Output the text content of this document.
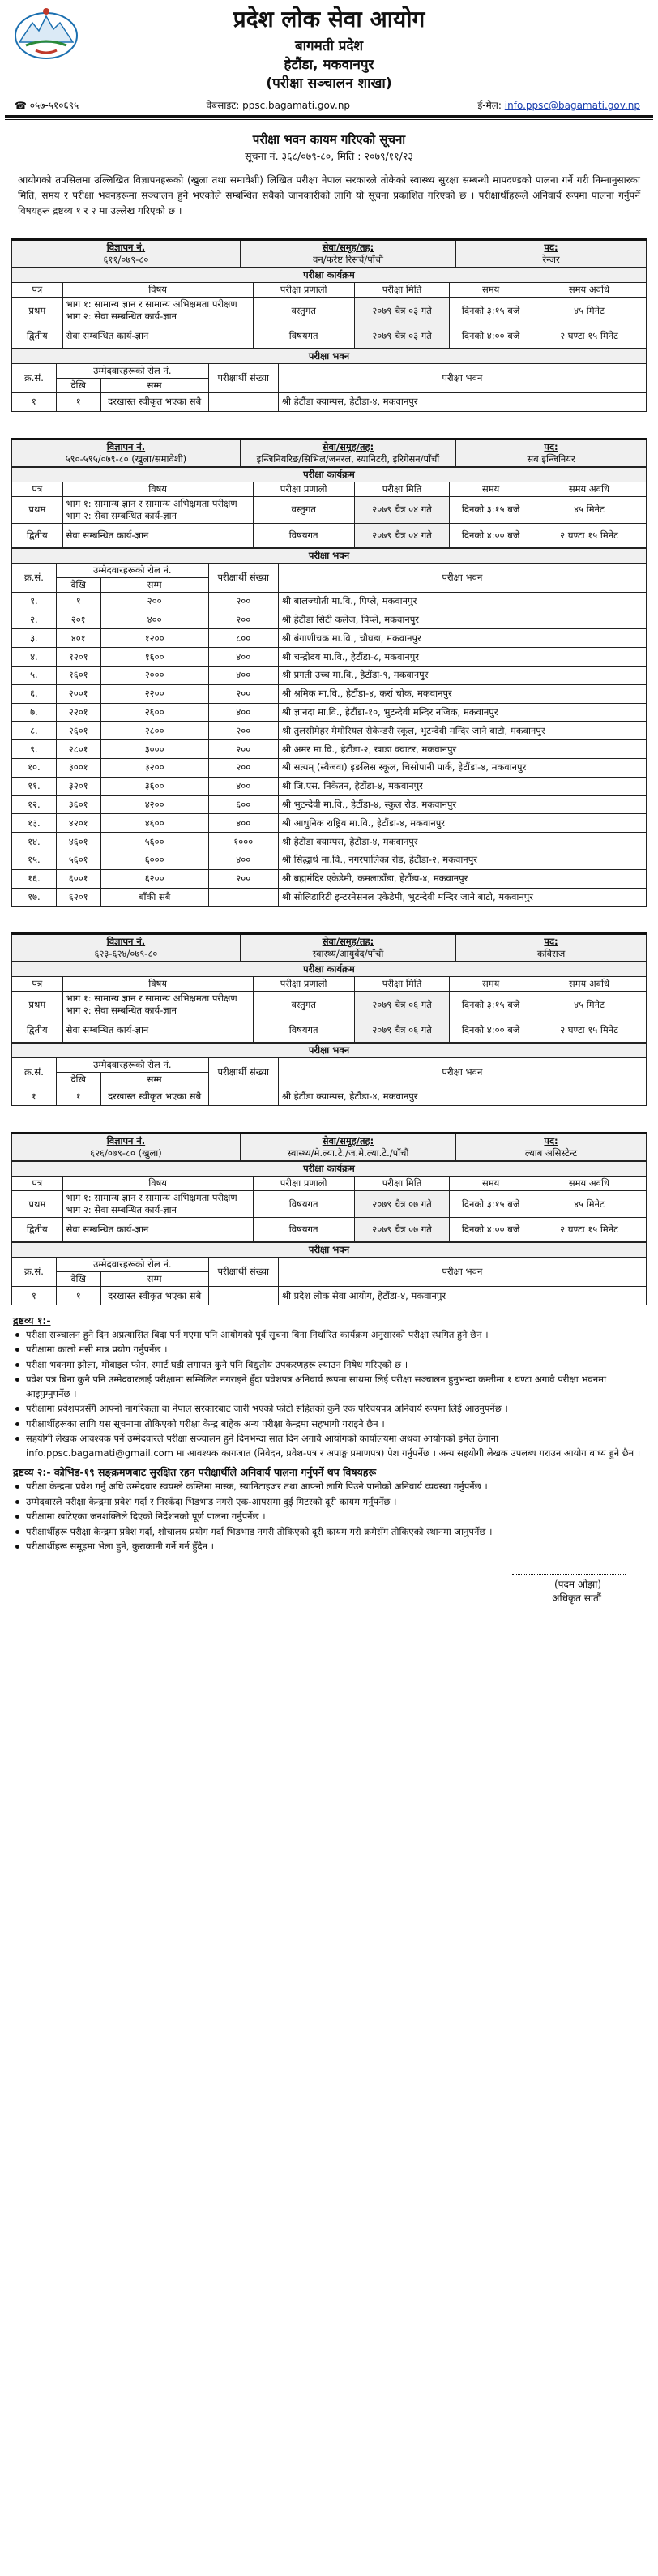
प्रदेश लोक सेवा आयोग
बागमती प्रदेश
हेटौंडा, मकवानपुर
(परीक्षा सञ्चालन शाखा)
☎ ०५७-५१०६९५	वेबसाइट: ppsc.bagamati.gov.np	ई-मेल: info.ppsc@bagamati.gov.np
परीक्षा भवन कायम गरिएको सूचना
सूचना नं. ३६८/०७९-८०, मिति : २०७९/११/२३
आयोगको तपसिलमा उल्लिखित विज्ञापनहरूको (खुला तथा समावेशी) लिखित परीक्षा नेपाल सरकारले तोकेको स्वास्थ्य सुरक्षा सम्बन्धी मापदण्डको पालना गर्ने गरी निम्नानुसारका मिति, समय र परीक्षा भवनहरूमा सञ्चालन हुने भएकोले सम्बन्धित सबैको जानकारीको लागि यो सूचना प्रकाशित गरिएको छ । परीक्षार्थीहरूले अनिवार्य रूपमा पालना गर्नुपर्ने विषयहरू द्रष्टव्य १ र २ मा उल्लेख गरिएको छ ।
विज्ञापन नं.
६११/०७९-८०

सेवा/समूह/तह:
वन/फरेष्ट रिसर्च/पाँचौं

पद:
रेन्जर
परीक्षा कार्यक्रम					
पत्र	विषय	परीक्षा प्रणाली	परीक्षा मिति	समय	समय अवधि
प्रथम	भाग १: सामान्य ज्ञान र सामान्य अभिक्षमता परीक्षण
भाग २: सेवा सम्बन्धित कार्य-ज्ञान	वस्तुगत	२०७९ चैत्र ०३ गते	दिनको ३:१५ बजे	४५ मिनेट
द्वितीय	सेवा सम्बन्धित कार्य-ज्ञान	विषयगत	२०७९ चैत्र ०३ गते	दिनको ४:०० बजे	२ घण्टा १५ मिनेट
परीक्षा भवन				
क्र.सं.	उम्मेदवारहरूको रोल नं.		परीक्षार्थी संख्या	परीक्षा भवन
	देखि	सम्म		
१	१	दरखास्त स्वीकृत भएका सबै		श्री हेटौंडा क्याम्पस, हेटौंडा-४, मकवानपुर
विज्ञापन नं.
५९०-५९५/०७९-८० (खुला/समावेशी)

सेवा/समूह/तह:
इन्जिनियरिङ/सिभिल/जनरल, स्यानिटरी, इरिगेसन/पाँचौं

पद:
सब इन्जिनियर
परीक्षा कार्यक्रम					
पत्र	विषय	परीक्षा प्रणाली	परीक्षा मिति	समय	समय अवधि
प्रथम	भाग १: सामान्य ज्ञान र सामान्य अभिक्षमता परीक्षण
भाग २: सेवा सम्बन्धित कार्य-ज्ञान	वस्तुगत	२०७९ चैत्र ०४ गते	दिनको ३:१५ बजे	४५ मिनेट
द्वितीय	सेवा सम्बन्धित कार्य-ज्ञान	विषयगत	२०७९ चैत्र ०४ गते	दिनको ४:०० बजे	२ घण्टा १५ मिनेट
परीक्षा भवन				
क्र.सं.	उम्मेदवारहरूको रोल नं.		परीक्षार्थी संख्या	परीक्षा भवन
	देखि	सम्म		
१.	१	२००	२००	श्री बालज्योती मा.वि., पिप्ले, मकवानपुर
२.	२०१	४००	२००	श्री हेटौंडा सिटी कलेज, पिप्ले, मकवानपुर
३.	४०१	१२००	८००	श्री बंगाणीचक मा.वि., चौघडा, मकवानपुर
४.	१२०१	१६००	४००	श्री चन्द्रोदय मा.वि., हेटौंडा-८, मकवानपुर
५.	१६०१	२०००	४००	श्री प्रगती उच्च मा.वि., हेटौंडा-९, मकवानपुर
६.	२००१	२२००	२००	श्री श्रमिक मा.वि., हेटौंडा-४, कर्रा चोक, मकवानपुर
७.	२२०१	२६००	४००	श्री ज्ञानदा मा.वि., हेटौंडा-१०, भुटन्देवी मन्दिर नजिक, मकवानपुर
८.	२६०१	२८००	२००	श्री तुलसीमेहर मेमोरियल सेकेन्डरी स्कूल, भुटन्देवी मन्दिर जाने बाटो, मकवानपुर
९.	२८०१	३०००	२००	श्री अमर मा.वि., हेटौंडा-२, खाडा क्वाटर, मकवानपुर
१०.	३००१	३२००	२००	श्री सत्यम् (स्वैजवा) इङलिस स्कूल, चिसोपानी पार्क, हेटौंडा-४, मकवानपुर
११.	३२०१	३६००	४००	श्री जि.एस. निकेतन, हेटौंडा-४, मकवानपुर
१२.	३६०१	४२००	६००	श्री भुटन्देवी मा.वि., हेटौंडा-४, स्कुल रोड, मकवानपुर
१३.	४२०१	४६००	४००	श्री आधुनिक राष्ट्रिय मा.वि., हेटौंडा-४, मकवानपुर
१४.	४६०१	५६००	१०००	श्री हेटौंडा क्याम्पस, हेटौंडा-४, मकवानपुर
१५.	५६०१	६०००	४००	श्री सिद्धार्थ मा.वि., नगरपालिका रोड, हेटौंडा-२, मकवानपुर
१६.	६००१	६२००	२००	श्री ब्रह्ममंदिर एकेडेमी, कमलाडाँडा, हेटौंडा-४, मकवानपुर
१७.	६२०१	बाँकी सबै		श्री सोलिडारिटी इन्टरनेसनल एकेडेमी, भुटन्देवी मन्दिर जाने बाटो, मकवानपुर
विज्ञापन नं.
६२३-६२४/०७९-८०

सेवा/समूह/तह:
स्वास्थ्य/आयुर्वेद/पाँचौं

पद:
कविराज
परीक्षा कार्यक्रम					
पत्र	विषय	परीक्षा प्रणाली	परीक्षा मिति	समय	समय अवधि
प्रथम	भाग १: सामान्य ज्ञान र सामान्य अभिक्षमता परीक्षण
भाग २: सेवा सम्बन्धित कार्य-ज्ञान	वस्तुगत	२०७९ चैत्र ०६ गते	दिनको ३:१५ बजे	४५ मिनेट
द्वितीय	सेवा सम्बन्धित कार्य-ज्ञान	विषयगत	२०७९ चैत्र ०६ गते	दिनको ४:०० बजे	२ घण्टा १५ मिनेट
परीक्षा भवन				
क्र.सं.	उम्मेदवारहरूको रोल नं.		परीक्षार्थी संख्या	परीक्षा भवन
	देखि	सम्म		
१	१	दरखास्त स्वीकृत भएका सबै		श्री हेटौंडा क्याम्पस, हेटौंडा-४, मकवानपुर
विज्ञापन नं.
६२६/०७९-८० (खुला)

सेवा/समूह/तह:
स्वास्थ्य/मे.ल्या.टे./ज.मे.ल्या.टे./पाँचौं

पद:
ल्याब असिस्टेन्ट
परीक्षा कार्यक्रम					
पत्र	विषय	परीक्षा प्रणाली	परीक्षा मिति	समय	समय अवधि
प्रथम	भाग १: सामान्य ज्ञान र सामान्य अभिक्षमता परीक्षण
भाग २: सेवा सम्बन्धित कार्य-ज्ञान	विषयगत	२०७९ चैत्र ०७ गते	दिनको ३:१५ बजे	४५ मिनेट
द्वितीय	सेवा सम्बन्धित कार्य-ज्ञान	विषयगत	२०७९ चैत्र ०७ गते	दिनको ४:०० बजे	२ घण्टा १५ मिनेट
परीक्षा भवन				
क्र.सं.	उम्मेदवारहरूको रोल नं.		परीक्षार्थी संख्या	परीक्षा भवन
	देखि	सम्म		
१	१	दरखास्त स्वीकृत भएका सबै		श्री प्रदेश लोक सेवा आयोग, हेटौंडा-४, मकवानपुर
द्रष्टव्य १:-
परीक्षा सञ्चालन हुने दिन अप्रत्यासित बिदा पर्न गएमा पनि आयोगको पूर्व सूचना बिना निर्धारित कार्यक्रम अनुसारको परीक्षा स्थगित हुने छैन ।
परीक्षामा कालो मसी मात्र प्रयोग गर्नुपर्नेछ ।
परीक्षा भवनमा झोला, मोबाइल फोन, स्मार्ट घडी लगायत कुनै पनि विद्युतीय उपकरणहरू ल्याउन निषेध गरिएको छ ।
प्रवेश पत्र बिना कुनै पनि उम्मेदवारलाई परीक्षामा सम्मिलित नगराइने हुँदा प्रवेशपत्र अनिवार्य रूपमा साथमा लिई परीक्षा सञ्चालन हुनुभन्दा कम्तीमा १ घण्टा अगावै परीक्षा भवनमा आइपुग्नुपर्नेछ ।
परीक्षामा प्रवेशपत्रसँगै आफ्नो नागरिकता वा नेपाल सरकारबाट जारी भएको फोटो सहितको कुनै एक परिचयपत्र अनिवार्य रूपमा लिई आउनुपर्नेछ ।
परीक्षार्थीहरूका लागि यस सूचनामा तोकिएको परीक्षा केन्द्र बाहेक अन्य परीक्षा केन्द्रमा सहभागी गराइने छैन ।
सहयोगी लेखक आवश्यक पर्ने उम्मेदवारले परीक्षा सञ्चालन हुने दिनभन्दा सात दिन अगावै आयोगको कार्यालयमा अथवा आयोगको इमेल ठेगाना info.ppsc.bagamati@gmail.com मा आवश्यक कागजात (निवेदन, प्रवेश-पत्र र अपाङ्ग प्रमाणपत्र) पेश गर्नुपर्नेछ । अन्य सहयोगी लेखक उपलब्ध गराउन आयोग बाध्य हुने छैन ।
द्रष्टव्य २:- कोभिड-१९ सङ्क्रमणबाट सुरक्षित रहन परीक्षार्थीले अनिवार्य पालना गर्नुपर्ने थप विषयहरू
परीक्षा केन्द्रमा प्रवेश गर्नु अघि उम्मेदवार स्वयम्ले कम्तिमा मास्क, स्यानिटाइजर तथा आफ्नो लागि पिउने पानीको अनिवार्य व्यवस्था गर्नुपर्नेछ ।
उम्मेदवारले परीक्षा केन्द्रमा प्रवेश गर्दा र निस्कँदा भिडभाड नगरी एक-आपसमा दुई मिटरको दूरी कायम गर्नुपर्नेछ ।
परीक्षामा खटिएका जनशक्तिले दिएको निर्देशनको पूर्ण पालना गर्नुपर्नेछ ।
परीक्षार्थीहरू परीक्षा केन्द्रमा प्रवेश गर्दा, शौचालय प्रयोग गर्दा भिडभाड नगरी तोकिएको दूरी कायम गरी क्रमैसँग तोकिएको स्थानमा जानुपर्नेछ ।
परीक्षार्थीहरू समूहमा भेला हुने, कुराकानी गर्ने गर्न हुँदैन ।
(पदम ओझा)
अधिकृत सातौं
